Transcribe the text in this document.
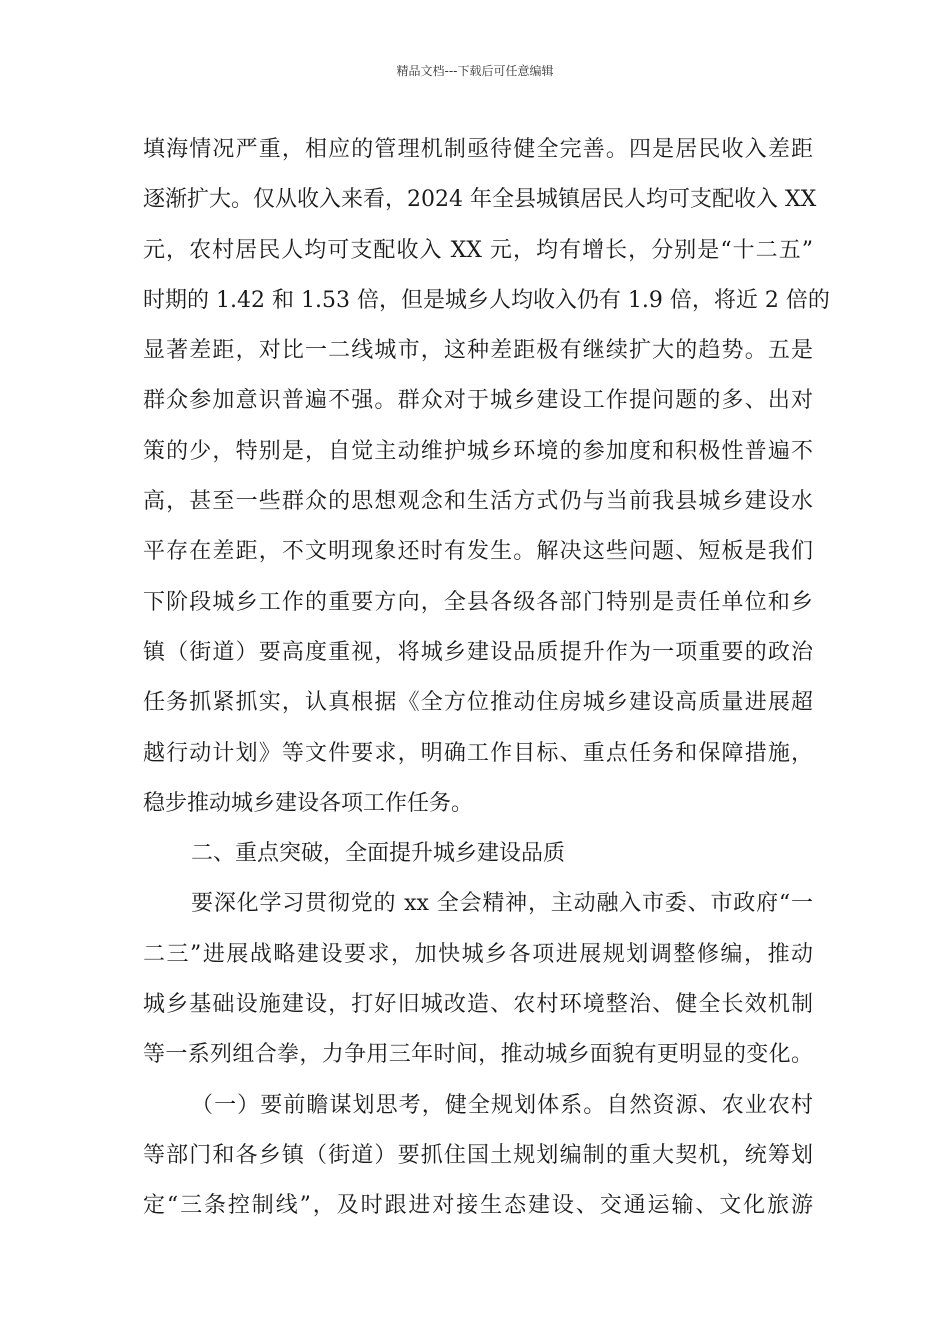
精品文档---下载后可任意编辑
填海情况严重，相应的管理机制亟待健全完善。四是居民收入差距
逐渐扩大。仅从收入来看，2024 年全县城镇居民人均可支配收入 XX
元，农村居民人均可支配收入 XX 元，均有增长，分别是“十二五”
时期的 1.42 和 1.53 倍，但是城乡人均收入仍有 1.9 倍，将近 2 倍的
显著差距，对比一二线城市，这种差距极有继续扩大的趋势。五是
群众参加意识普遍不强。群众对于城乡建设工作提问题的多、出对
策的少，特别是，自觉主动维护城乡环境的参加度和积极性普遍不
高，甚至一些群众的思想观念和生活方式仍与当前我县城乡建设水
平存在差距，不文明现象还时有发生。解决这些问题、短板是我们
下阶段城乡工作的重要方向，全县各级各部门特别是责任单位和乡
镇（街道）要高度重视，将城乡建设品质提升作为一项重要的政治
任务抓紧抓实，认真根据《全方位推动住房城乡建设高质量进展超
越行动计划》等文件要求，明确工作目标、重点任务和保障措施，
稳步推动城乡建设各项工作任务。
二、重点突破，全面提升城乡建设品质
要深化学习贯彻党的 xx 全会精神，主动融入市委、市政府“一
二三”进展战略建设要求，加快城乡各项进展规划调整修编，推动
城乡基础设施建设，打好旧城改造、农村环境整治、健全长效机制
等一系列组合拳，力争用三年时间，推动城乡面貌有更明显的变化。
（一）要前瞻谋划思考，健全规划体系。自然资源、农业农村
等部门和各乡镇（街道）要抓住国土规划编制的重大契机，统筹划
定“三条控制线”，及时跟进对接生态建设、交通运输、文化旅游
